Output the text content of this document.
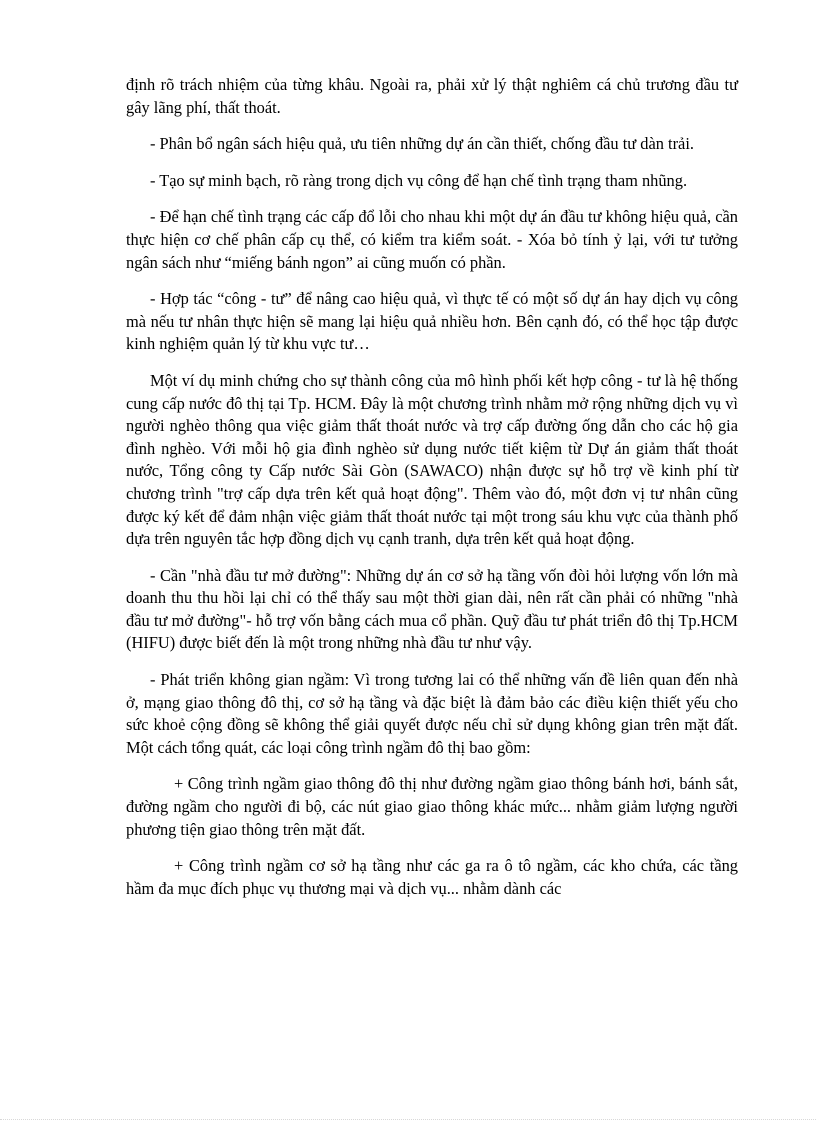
định rõ trách nhiệm của từng khâu. Ngoài ra, phải xử lý thật nghiêm cá chủ trương đầu tư gây lãng phí, thất thoát.

- Phân bổ ngân sách hiệu quả, ưu tiên những dự án cần thiết, chống đầu tư dàn trải.

- Tạo sự minh bạch, rõ ràng trong dịch vụ công để hạn chế tình trạng tham nhũng.

- Để hạn chế tình trạng các cấp đổ lỗi cho nhau khi một dự án đầu tư không hiệu quả, cần thực hiện cơ chế phân cấp cụ thể, có kiểm tra kiểm soát. - Xóa bỏ tính ỷ lại, với tư tưởng ngân sách như “miếng bánh ngon” ai cũng muốn có phần.

- Hợp tác “công - tư” để nâng cao hiệu quả, vì thực tế có một số dự án hay dịch vụ công mà nếu tư nhân thực hiện sẽ mang lại hiệu quả nhiều hơn. Bên cạnh đó, có thể học tập được kinh nghiệm quản lý từ khu vực tư…

Một ví dụ minh chứng cho sự thành công của mô hình phối kết hợp công - tư là hệ thống cung cấp nước đô thị tại Tp. HCM. Đây là một chương trình nhằm mở rộng những dịch vụ vì người nghèo thông qua việc giảm thất thoát nước và trợ cấp đường ống dẫn cho các hộ gia đình nghèo. Với mỗi hộ gia đình nghèo sử dụng nước tiết kiệm từ Dự án giảm thất thoát nước, Tổng công ty Cấp nước Sài Gòn (SAWACO) nhận được sự hỗ trợ về kinh phí từ chương trình "trợ cấp dựa trên kết quả hoạt động". Thêm vào đó, một đơn vị tư nhân cũng được ký kết để đảm nhận việc giảm thất thoát nước tại một trong sáu khu vực của thành phố dựa trên nguyên tắc hợp đồng dịch vụ cạnh tranh, dựa trên kết quả hoạt động.

- Cần "nhà đầu tư mở đường": Những dự án cơ sở hạ tầng vốn đòi hỏi lượng vốn lớn mà doanh thu thu hồi lại chỉ có thể thấy sau một thời gian dài, nên rất cần phải có những "nhà đầu tư mở đường"- hỗ trợ vốn bằng cách mua cổ phần. Quỹ đầu tư phát triển đô thị Tp.HCM (HIFU) được biết đến là một trong những nhà đầu tư như vậy.

- Phát triển không gian ngầm: Vì trong tương lai có thể những vấn đề liên quan đến nhà ở, mạng giao thông đô thị, cơ sở hạ tầng và đặc biệt là đảm bảo các điều kiện thiết yếu cho sức khoẻ cộng đồng sẽ không thể giải quyết được nếu chỉ sử dụng không gian trên mặt đất. Một cách tổng quát, các loại công trình ngầm đô thị bao gồm:

+ Công trình ngầm giao thông đô thị như đường ngầm giao thông bánh hơi, bánh sắt, đường ngầm cho người đi bộ, các nút giao giao thông khác mức... nhằm giảm lượng người phương tiện giao thông trên mặt đất.

+ Công trình ngầm cơ sở hạ tầng như các ga ra ô tô ngầm, các kho chứa, các tầng hầm đa mục đích phục vụ thương mại và dịch vụ... nhằm dành các
